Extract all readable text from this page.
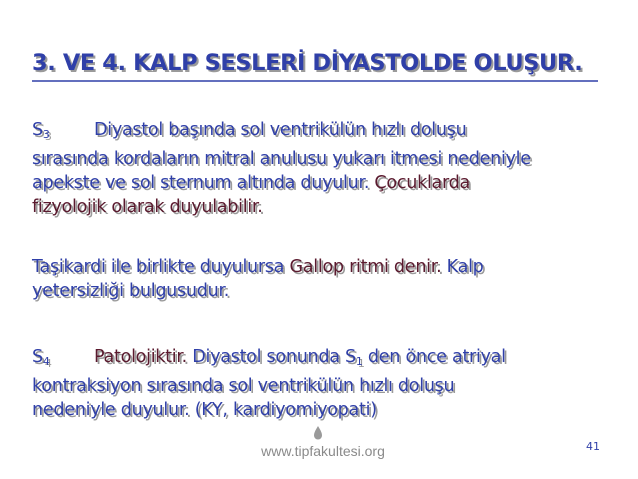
3. VE 4. KALP SESLERİ DİYASTOLDE OLUŞUR.
$S_3$	Diyastol başında sol ventrikülün hızlı doluşu
sırasında kordaların mitral anulusu yukarı itmesi nedeniyle
apekste ve sol sternum altında duyulur. Çocuklarda
fizyolojik olarak duyulabilir.
Taşikardi ile birlikte duyulursa Gallop ritmi denir. Kalp
yetersizliği bulgusudur.
$S_4$	Patolojiktir. Diyastol sonunda $S_1$ den önce atriyal
kontraksiyon sırasında sol ventrikülün hızlı doluşu
nedeniyle duyulur. (KY, kardiyomiyopati)
41
www.tipfakultesi.org
